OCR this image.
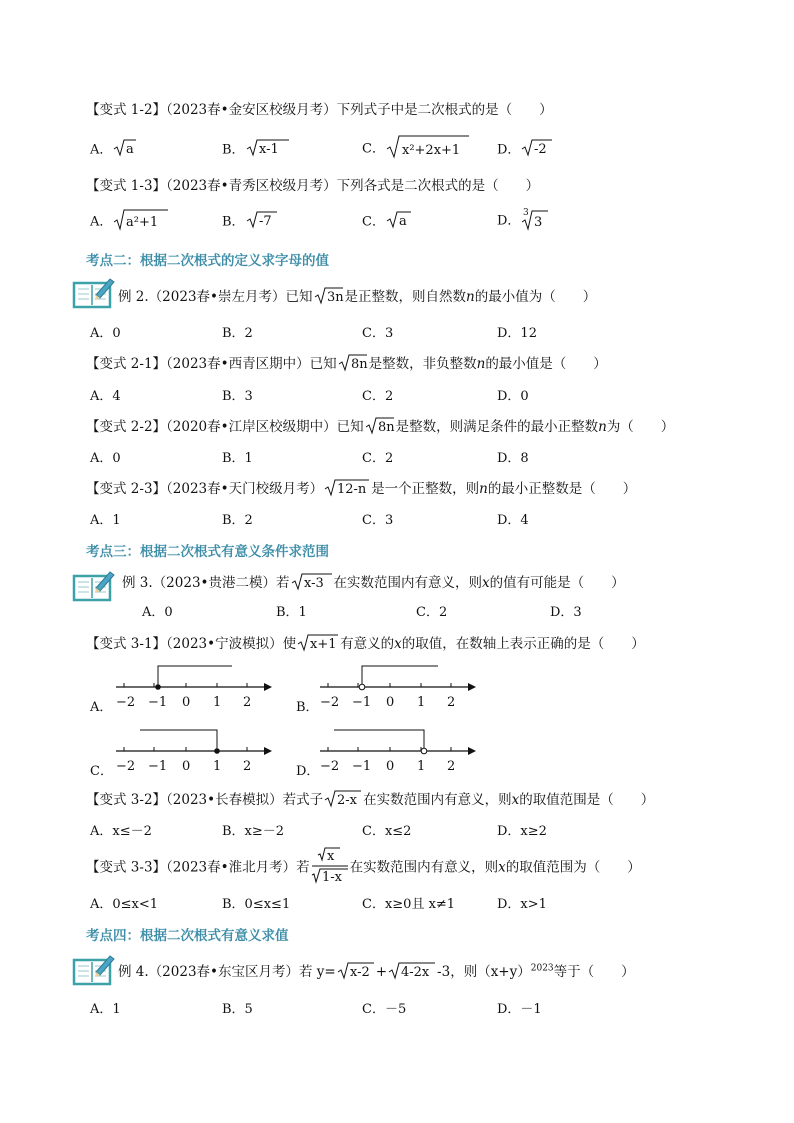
【变式 1-2】（2023春•金安区校级月考）下列式子中是二次根式的是（　　）
A． a	B． x-1	C． x²+2x+1	D． -2
【变式 1-3】（2023春•青秀区校级月考）下列各式是二次根式的是（　　）
A． a²+1	B． -7	C． a	D．
3
3
考点二：根据二次根式的定义求字母的值
例 2.（2023春•崇左月考）已知 3n 是正整数，则自然数n的最小值为（　　）
A．0	B．2	C．3	D．12
【变式 2-1】（2023春•西青区期中）已知 8n 是整数，非负整数n的最小值是（　　）
A．4	B．3	C．2	D．0
【变式 2-2】（2020春•江岸区校级期中）已知 8n 是整数，则满足条件的最小正整数n为（　　）
A．0	B．1	C．2	D．8
【变式 2-3】（2023春•天门校级月考） 12-n 是一个正整数，则n的最小正整数是（　　）
A．1	B．2	C．3	D．4
考点三：根据二次根式有意义条件求范围
例 3.（2023•贵港二模）若 x-3 在实数范围内有意义，则x的值有可能是（　　）
A．0	B．1	C．2	D．3
【变式 3-1】（2023•宁波模拟）使 x+1 有意义的x的取值，在数轴上表示正确的是（　　）
A． −2 −1 0 1 2	B． −2 −1 0 1 2
C． −2 −1 0 1 2	D． −2 −1 0 1 2
【变式 3-2】（2023•长春模拟）若式子 2-x 在实数范围内有意义，则x的取值范围是（　　）
A．x≤－2	B．x≥－2	C．x≤2	D．x≥2
【变式 3-3】（2023春•淮北月考）若
x
1-x
在实数范围内有意义，则x的取值范围为（　　）
A．0≤x<1	B．0≤x≤1	C．x≥0且 x≠1	D．x>1
考点四：根据二次根式有意义求值
例 4.（2023春•东宝区月考）若 y= x-2 + 4-2x -3，则$(x+y)^{2023}$等于（　　）
A．1	B．5	C．－5	D．－1
